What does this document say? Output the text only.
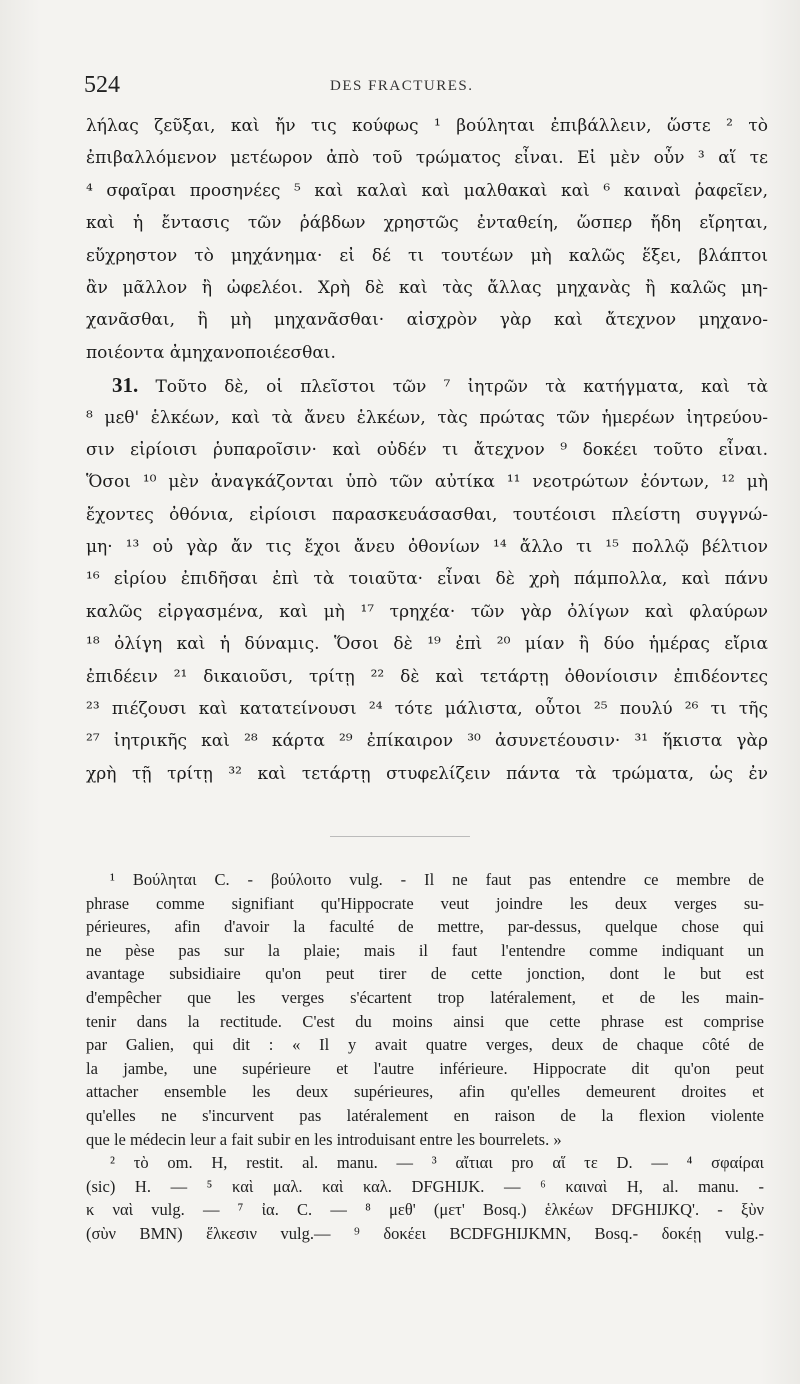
524	DES FRACTURES.
λήλας ζεῦξαι, καὶ ἤν τις κούφως ¹ βούληται ἐπιβάλλειν, ὥστε ² τὸ
ἐπιβαλλόμενον μετέωρον ἀπὸ τοῦ τρώματος εἶναι. Εἰ μὲν οὖν ³ αἵ τε
⁴ σφαῖραι προσηνέες ⁵ καὶ καλαὶ καὶ μαλθακαὶ καὶ ⁶ καιναὶ ῥαφεῖεν,
καὶ ἡ ἔντασις τῶν ῥάβδων χρηστῶς ἐνταθείη, ὥσπερ ἤδη εἴρηται,
εὔχρηστον τὸ μηχάνημα· εἰ δέ τι τουτέων μὴ καλῶς ἕξει, βλάπτοι
ἂν μᾶλλον ἢ ὠφελέοι. Χρὴ δὲ καὶ τὰς ἄλλας μηχανὰς ἢ καλῶς μη-
χανᾶσθαι, ἢ μὴ μηχανᾶσθαι· αἰσχρὸν γὰρ καὶ ἄτεχνον μηχανο-
ποιέοντα ἀμηχανοποιέεσθαι.
31. Τοῦτο δὲ, οἱ πλεῖστοι τῶν ⁷ ἰητρῶν τὰ κατήγματα, καὶ τὰ
⁸ μεθ' ἑλκέων, καὶ τὰ ἄνευ ἑλκέων, τὰς πρώτας τῶν ἡμερέων ἰητρεύου-
σιν εἰρίοισι ῥυπαροῖσιν· καὶ οὐδέν τι ἄτεχνον ⁹ δοκέει τοῦτο εἶναι.
Ὅσοι ¹⁰ μὲν ἀναγκάζονται ὑπὸ τῶν αὐτίκα ¹¹ νεοτρώτων ἐόντων, ¹² μὴ
ἔχοντες ὀθόνια, εἰρίοισι παρασκευάσασθαι, τουτέοισι πλείστη συγγνώ-
μη· ¹³ οὐ γὰρ ἄν τις ἔχοι ἄνευ ὀθονίων ¹⁴ ἄλλο τι ¹⁵ πολλῷ βέλτιον
¹⁶ εἰρίου ἐπιδῆσαι ἐπὶ τὰ τοιαῦτα· εἶναι δὲ χρὴ πάμπολλα, καὶ πάνυ
καλῶς εἰργασμένα, καὶ μὴ ¹⁷ τρηχέα· τῶν γὰρ ὀλίγων καὶ φλαύρων
¹⁸ ὀλίγη καὶ ἡ δύναμις. Ὅσοι δὲ ¹⁹ ἐπὶ ²⁰ μίαν ἢ δύο ἡμέρας εἴρια
ἐπιδέειν ²¹ δικαιοῦσι, τρίτῃ ²² δὲ καὶ τετάρτῃ ὀθονίοισιν ἐπιδέοντες
²³ πιέζουσι καὶ κατατείνουσι ²⁴ τότε μάλιστα, οὗτοι ²⁵ πουλύ ²⁶ τι τῆς
²⁷ ἰητρικῆς καὶ ²⁸ κάρτα ²⁹ ἐπίκαιρον ³⁰ ἀσυνετέουσιν· ³¹ ἥκιστα γὰρ
χρὴ τῇ τρίτῃ ³² καὶ τετάρτῃ στυφελίζειν πάντα τὰ τρώματα, ὡς ἐν
¹ Βούληται C. - βούλοιτο vulg. - Il ne faut pas entendre ce membre de
phrase comme signifiant qu'Hippocrate veut joindre les deux verges su-
périeures, afin d'avoir la faculté de mettre, par-dessus, quelque chose qui
ne pèse pas sur la plaie; mais il faut l'entendre comme indiquant un
avantage subsidiaire qu'on peut tirer de cette jonction, dont le but est
d'empêcher que les verges s'écartent trop latéralement, et de les main-
tenir dans la rectitude. C'est du moins ainsi que cette phrase est comprise
par Galien, qui dit : « Il y avait quatre verges, deux de chaque côté de
la jambe, une supérieure et l'autre inférieure. Hippocrate dit qu'on peut
attacher ensemble les deux supérieures, afin qu'elles demeurent droites et
qu'elles ne s'incurvent pas latéralement en raison de la flexion violente
que le médecin leur a fait subir en les introduisant entre les bourrelets. »
² τὸ om. H, restit. al. manu. — ³ αἴτιαι pro αἵ τε D. — ⁴ σφαίραι
(sic) H. — ⁵ καὶ μαλ. καὶ καλ. DFGHIJK. — ⁶ καιναὶ H, al. manu. -
κ ναὶ vulg. — ⁷ ἰα. C. — ⁸ μεθ' (μετ' Bosq.) ἑλκέων DFGHIJKQ'. - ξὺν
(σὺν BMN) ἕλκεσιν vulg.— ⁹ δοκέει BCDFGHIJKMN, Bosq.- δοκέῃ vulg.-
